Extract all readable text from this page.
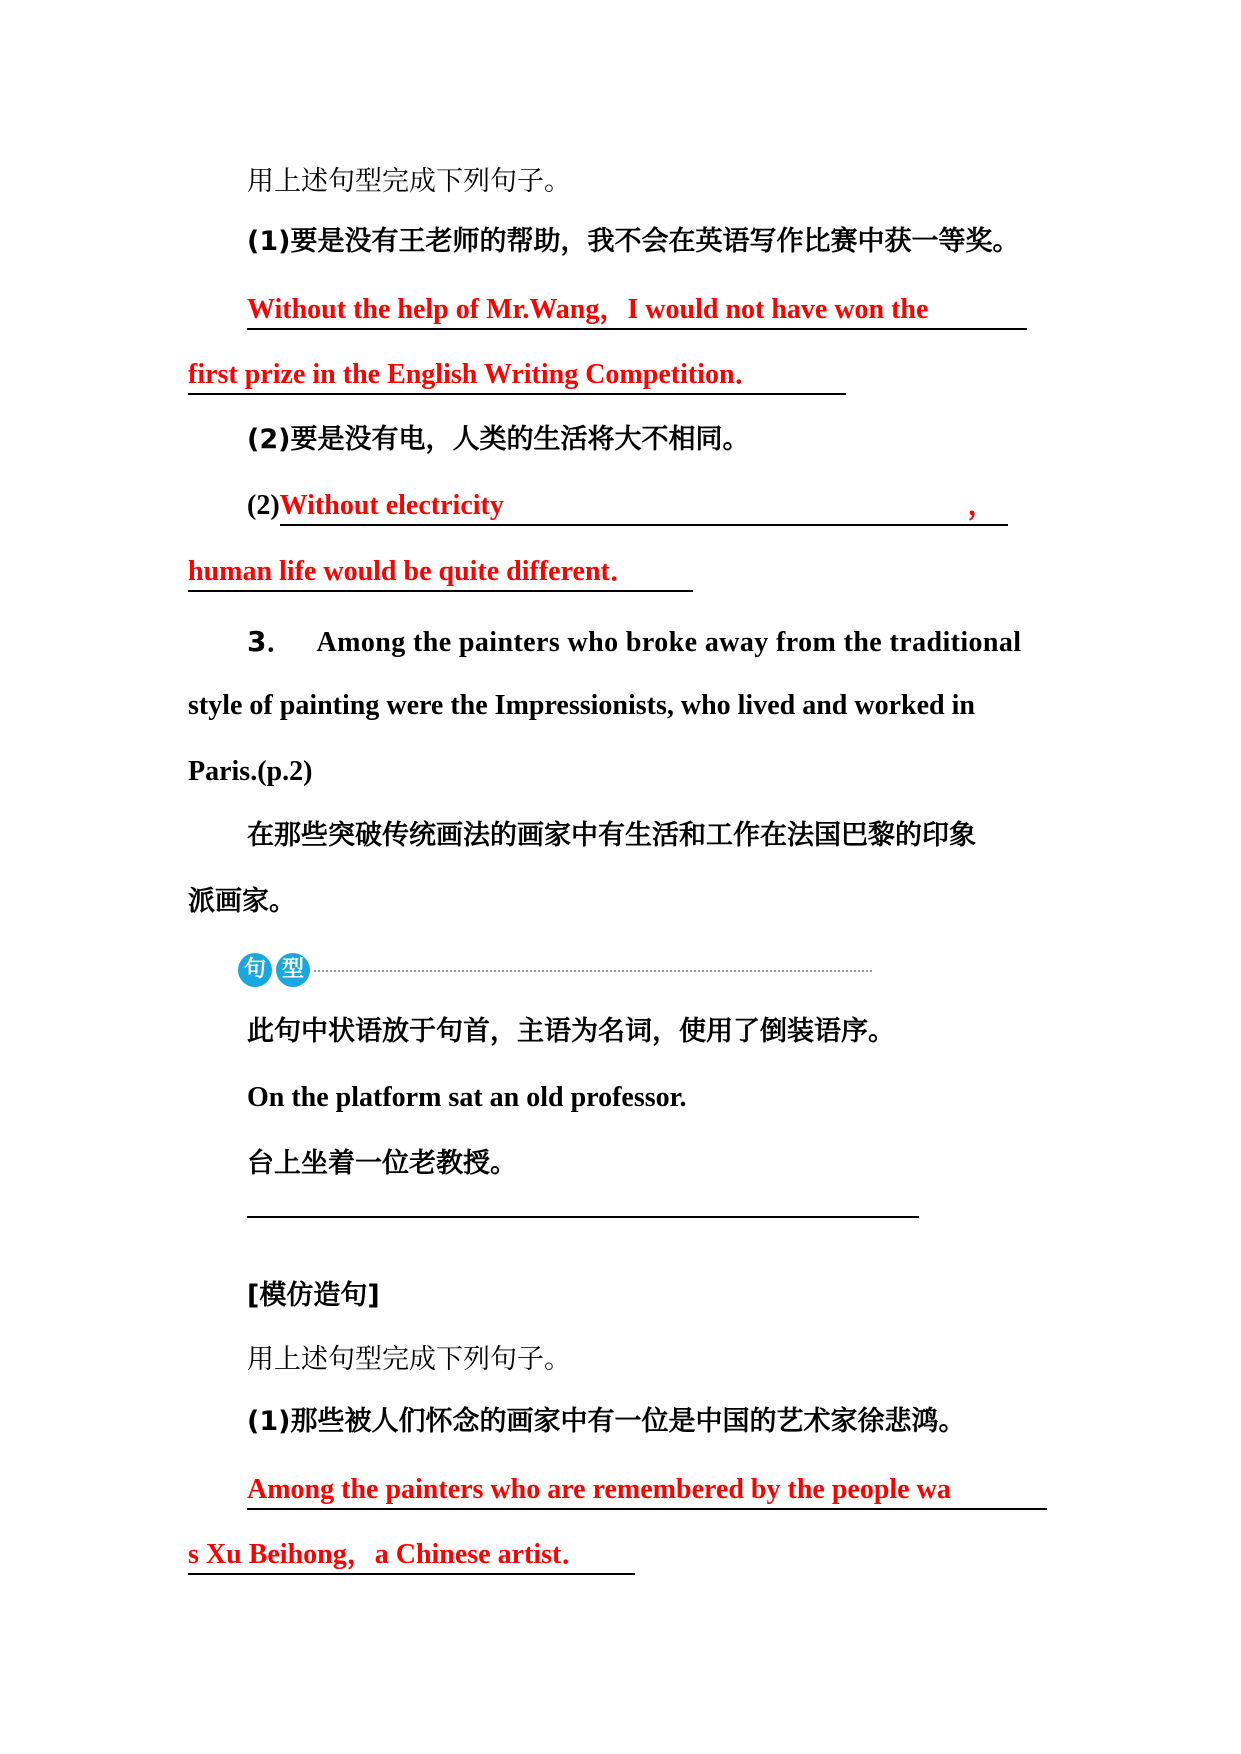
用上述句型完成下列句子。

(1)要是没有王老师的帮助，我不会在英语写作比赛中获一等奖。

Without the help of Mr.Wang，I would not have won the

first prize in the English Writing Competition．

(2)要是没有电，人类的生活将大不相同。

(2)Without electricity	，

human life would be quite different．

3． Among the painters who broke away from the traditional

style of painting were the Impressionists, who lived and worked in

Paris.(p.2)

在那些突破传统画法的画家中有生活和工作在法国巴黎的印象

派画家。

句 型

此句中状语放于句首，主语为名词，使用了倒装语序。

On the platform sat an old professor.

台上坐着一位老教授。

[模仿造句]

用上述句型完成下列句子。

(1)那些被人们怀念的画家中有一位是中国的艺术家徐悲鸿。

Among the painters who are remembered by the people wa

s Xu Beihong，a Chinese artist．
